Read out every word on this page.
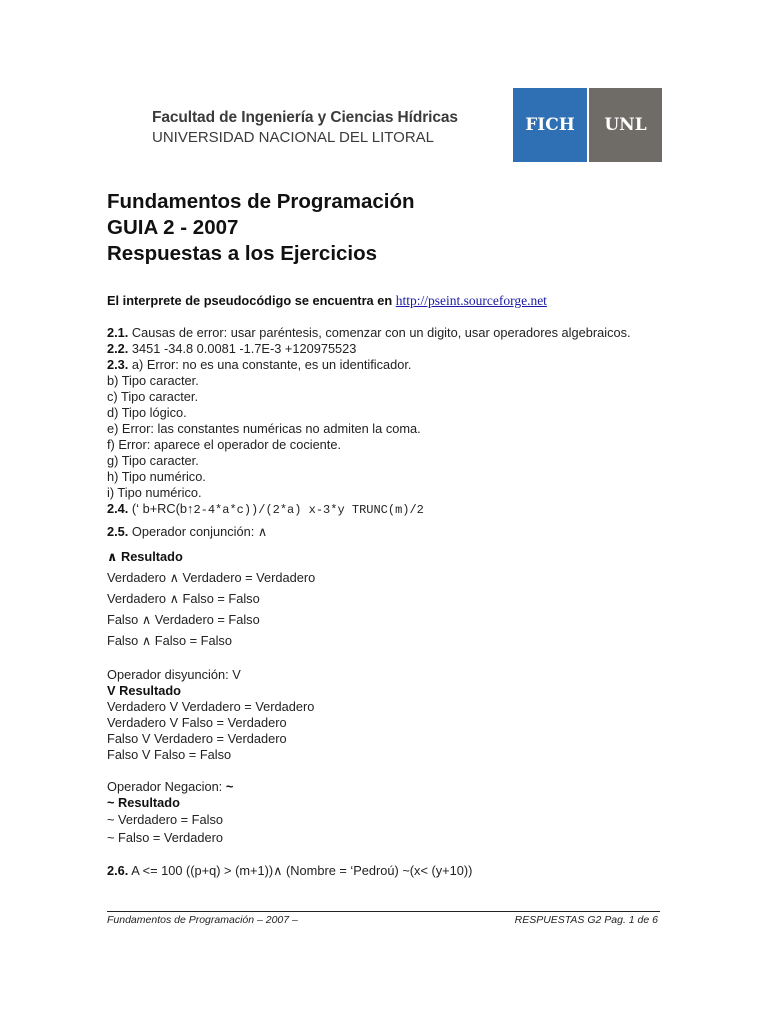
Facultad de Ingeniería y Ciencias Hídricas
UNIVERSIDAD NACIONAL DEL LITORAL
FICH	UNL
Fundamentos de Programación
GUIA 2 - 2007
Respuestas a los Ejercicios
El interprete de pseudocódigo se encuentra en http://pseint.sourceforge.net
2.1. Causas de error: usar paréntesis, comenzar con un digito, usar operadores algebraicos.
2.2. 3451 -34.8 0.0081 -1.7E-3 +120975523
2.3. a) Error: no es una constante, es un identificador.
b) Tipo caracter.
c) Tipo caracter.
d) Tipo lógico.
e) Error: las constantes numéricas no admiten la coma.
f) Error: aparece el operador de cociente.
g) Tipo caracter.
h) Tipo numérico.
i) Tipo numérico.
2.4. (‘ b+RC(b↑2-4*a*c))/(2*a) x-3*y TRUNC(m)/2
2.5. Operador conjunción: ∧
∧ Resultado
Verdadero ∧ Verdadero = Verdadero
Verdadero ∧ Falso = Falso
Falso ∧ Verdadero = Falso
Falso ∧ Falso = Falso
Operador disyunción: V
V Resultado
Verdadero V Verdadero = Verdadero
Verdadero V Falso = Verdadero
Falso V Verdadero = Verdadero
Falso V Falso = Falso
Operador Negacion: ~
~ Resultado
~ Verdadero = Falso
~ Falso = Verdadero
2.6. A <= 100 ((p+q) > (m+1))∧ (Nombre = ‘Pedroú) ~(x< (y+10))
Fundamentos de Programación – 2007 –	RESPUESTAS G2 Pag. 1 de 6
